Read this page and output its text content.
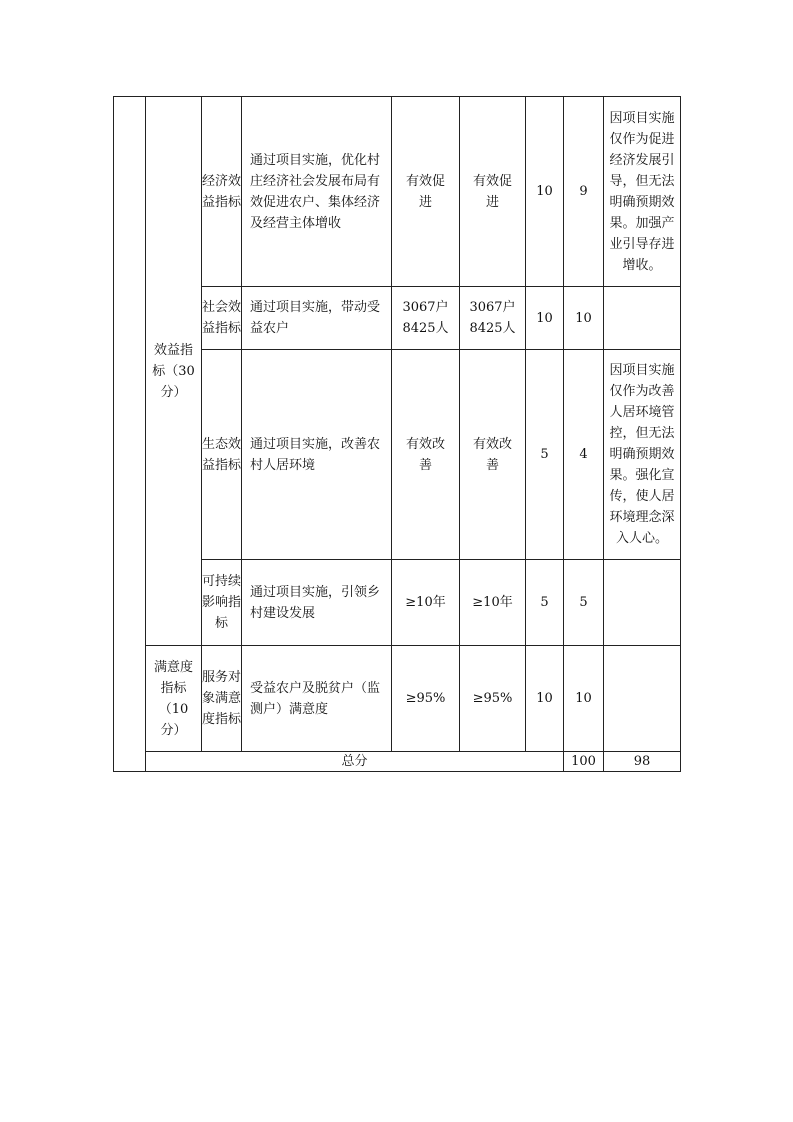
	效益指标（30分）	经济效益指标	通过项目实施，优化村庄经济社会发展布局有效促进农户、集体经济及经营主体增收	有效促进	有效促进	10	9	因项目实施仅作为促进经济发展引导，但无法明确预期效果。加强产业引导存进增收。	

		社会效益指标	通过项目实施，带动受益农户	3067户8425人	3067户8425人	10	10		

		生态效益指标	通过项目实施，改善农村人居环境	有效改善	有效改善	5	4	因项目实施仅作为改善人居环境管控，但无法明确预期效果。强化宣传，使人居环境理念深入人心。	

		可持续影响指标	通过项目实施，引领乡村建设发展	≥10年	≥10年	5	5		

	满意度指标（10分）	服务对象满意度指标	受益农户及脱贫户（监测户）满意度	≥95%	≥95%	10	10		

	总分						100	98	
